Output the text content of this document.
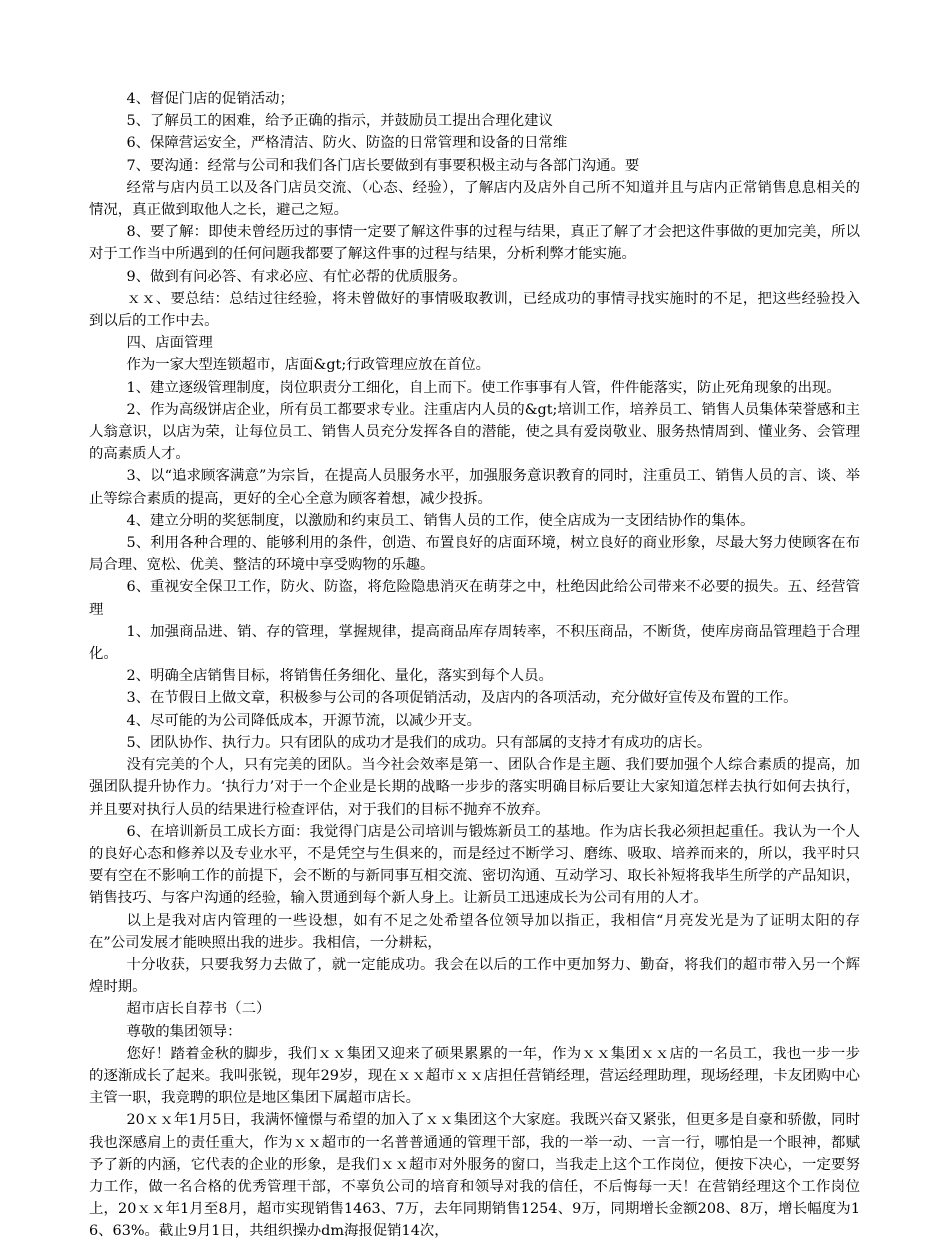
4、督促门店的促销活动；

5、了解员工的困难，给予正确的指示，并鼓励员工提出合理化建议

6、保障营运安全，严格清洁、防火、防盗的日常管理和设备的日常维

7、要沟通：经常与公司和我们各门店长要做到有事要积极主动与各部门沟通。要

经常与店内员工以及各门店员交流、（心态、经验），了解店内及店外自己所不知道并且与店内正常销售息息相关的情况，真正做到取他人之长，避己之短。

8、要了解：即使未曾经历过的事情一定要了解这件事的过程与结果，真正了解了才会把这件事做的更加完美，所以对于工作当中所遇到的任何问题我都要了解这件事的过程与结果，分析利弊才能实施。

9、做到有问必答、有求必应、有忙必帮的优质服务。

ｘｘ、要总结：总结过往经验，将未曾做好的事情吸取教训，已经成功的事情寻找实施时的不足，把这些经验投入到以后的工作中去。

四、店面管理

作为一家大型连锁超市，店面&gt;行政管理应放在首位。

1、建立逐级管理制度，岗位职责分工细化，自上而下。使工作事事有人管，件件能落实，防止死角现象的出现。

2、作为高级饼店企业，所有员工都要求专业。注重店内人员的&gt;培训工作，培养员工、销售人员集体荣誉感和主人翁意识，以店为荣，让每位员工、销售人员充分发挥各自的潜能，使之具有爱岗敬业、服务热情周到、懂业务、会管理的高素质人才。

3、以“追求顾客满意”为宗旨，在提高人员服务水平，加强服务意识教育的同时，注重员工、销售人员的言、谈、举止等综合素质的提高，更好的全心全意为顾客着想，减少投拆。

4、建立分明的奖惩制度，以激励和约束员工、销售人员的工作，使全店成为一支团结协作的集体。

5、利用各种合理的、能够利用的条件，创造、布置良好的店面环境，树立良好的商业形象，尽最大努力使顾客在布局合理、宽松、优美、整洁的环境中享受购物的乐趣。

6、重视安全保卫工作，防火、防盗，将危险隐患消灭在萌芽之中，杜绝因此给公司带来不必要的损失。五、经营管理

1、加强商品进、销、存的管理，掌握规律，提高商品库存周转率，不积压商品，不断货，使库房商品管理趋于合理化。

2、明确全店销售目标，将销售任务细化、量化，落实到每个人员。

3、在节假日上做文章，积极参与公司的各项促销活动，及店内的各项活动，充分做好宣传及布置的工作。

4、尽可能的为公司降低成本，开源节流，以减少开支。

5、团队协作、执行力。只有团队的成功才是我们的成功。只有部属的支持才有成功的店长。

没有完美的个人，只有完美的团队。当今社会效率是第一、团队合作是主题、我们要加强个人综合素质的提高，加强团队提升协作力。‘执行力’对于一个企业是长期的战略一步步的落实明确目标后要让大家知道怎样去执行如何去执行，并且要对执行人员的结果进行检查评估，对于我们的目标不抛弃不放弃。

6、在培训新员工成长方面：我觉得门店是公司培训与锻炼新员工的基地。作为店长我必须担起重任。我认为一个人的良好心态和修养以及专业水平，不是凭空与生俱来的，而是经过不断学习、磨练、吸取、培养而来的，所以，我平时只要有空在不影响工作的前提下，会不断的与新同事互相交流、密切沟通、互动学习、取长补短将我毕生所学的产品知识，销售技巧、与客户沟通的经验，输入贯通到每个新人身上。让新员工迅速成长为公司有用的人才。

以上是我对店内管理的一些设想，如有不足之处希望各位领导加以指正，我相信“月亮发光是为了证明太阳的存在”公司发展才能映照出我的进步。我相信，一分耕耘，

十分收获，只要我努力去做了，就一定能成功。我会在以后的工作中更加努力、勤奋，将我们的超市带入另一个辉煌时期。

超市店长自荐书（二）

尊敬的集团领导：

您好！踏着金秋的脚步，我们ｘｘ集团又迎来了硕果累累的一年，作为ｘｘ集团ｘｘ店的一名员工，我也一步一步的逐渐成长了起来。我叫张锐，现年29岁，现在ｘｘ超市ｘｘ店担任营销经理，营运经理助理，现场经理，卡友团购中心主管一职，我竞聘的职位是地区集团下属超市店长。

20ｘｘ年1月5日，我满怀憧憬与希望的加入了ｘｘ集团这个大家庭。我既兴奋又紧张，但更多是自豪和骄傲，同时我也深感肩上的责任重大，作为ｘｘ超市的一名普普通通的管理干部，我的一举一动、一言一行，哪怕是一个眼神，都赋予了新的内涵，它代表的企业的形象，是我们ｘｘ超市对外服务的窗口，当我走上这个工作岗位，便按下决心，一定要努力工作，做一名合格的优秀管理干部，不辜负公司的培育和领导对我的信任，不后悔每一天！在营销经理这个工作岗位上，20ｘｘ年1月至8月，超市实现销售1463、7万，去年同期销售1254、9万，同期增长金额208、8万，增长幅度为16、63%。截止9月1日，共组织操办dm海报促销14次，
